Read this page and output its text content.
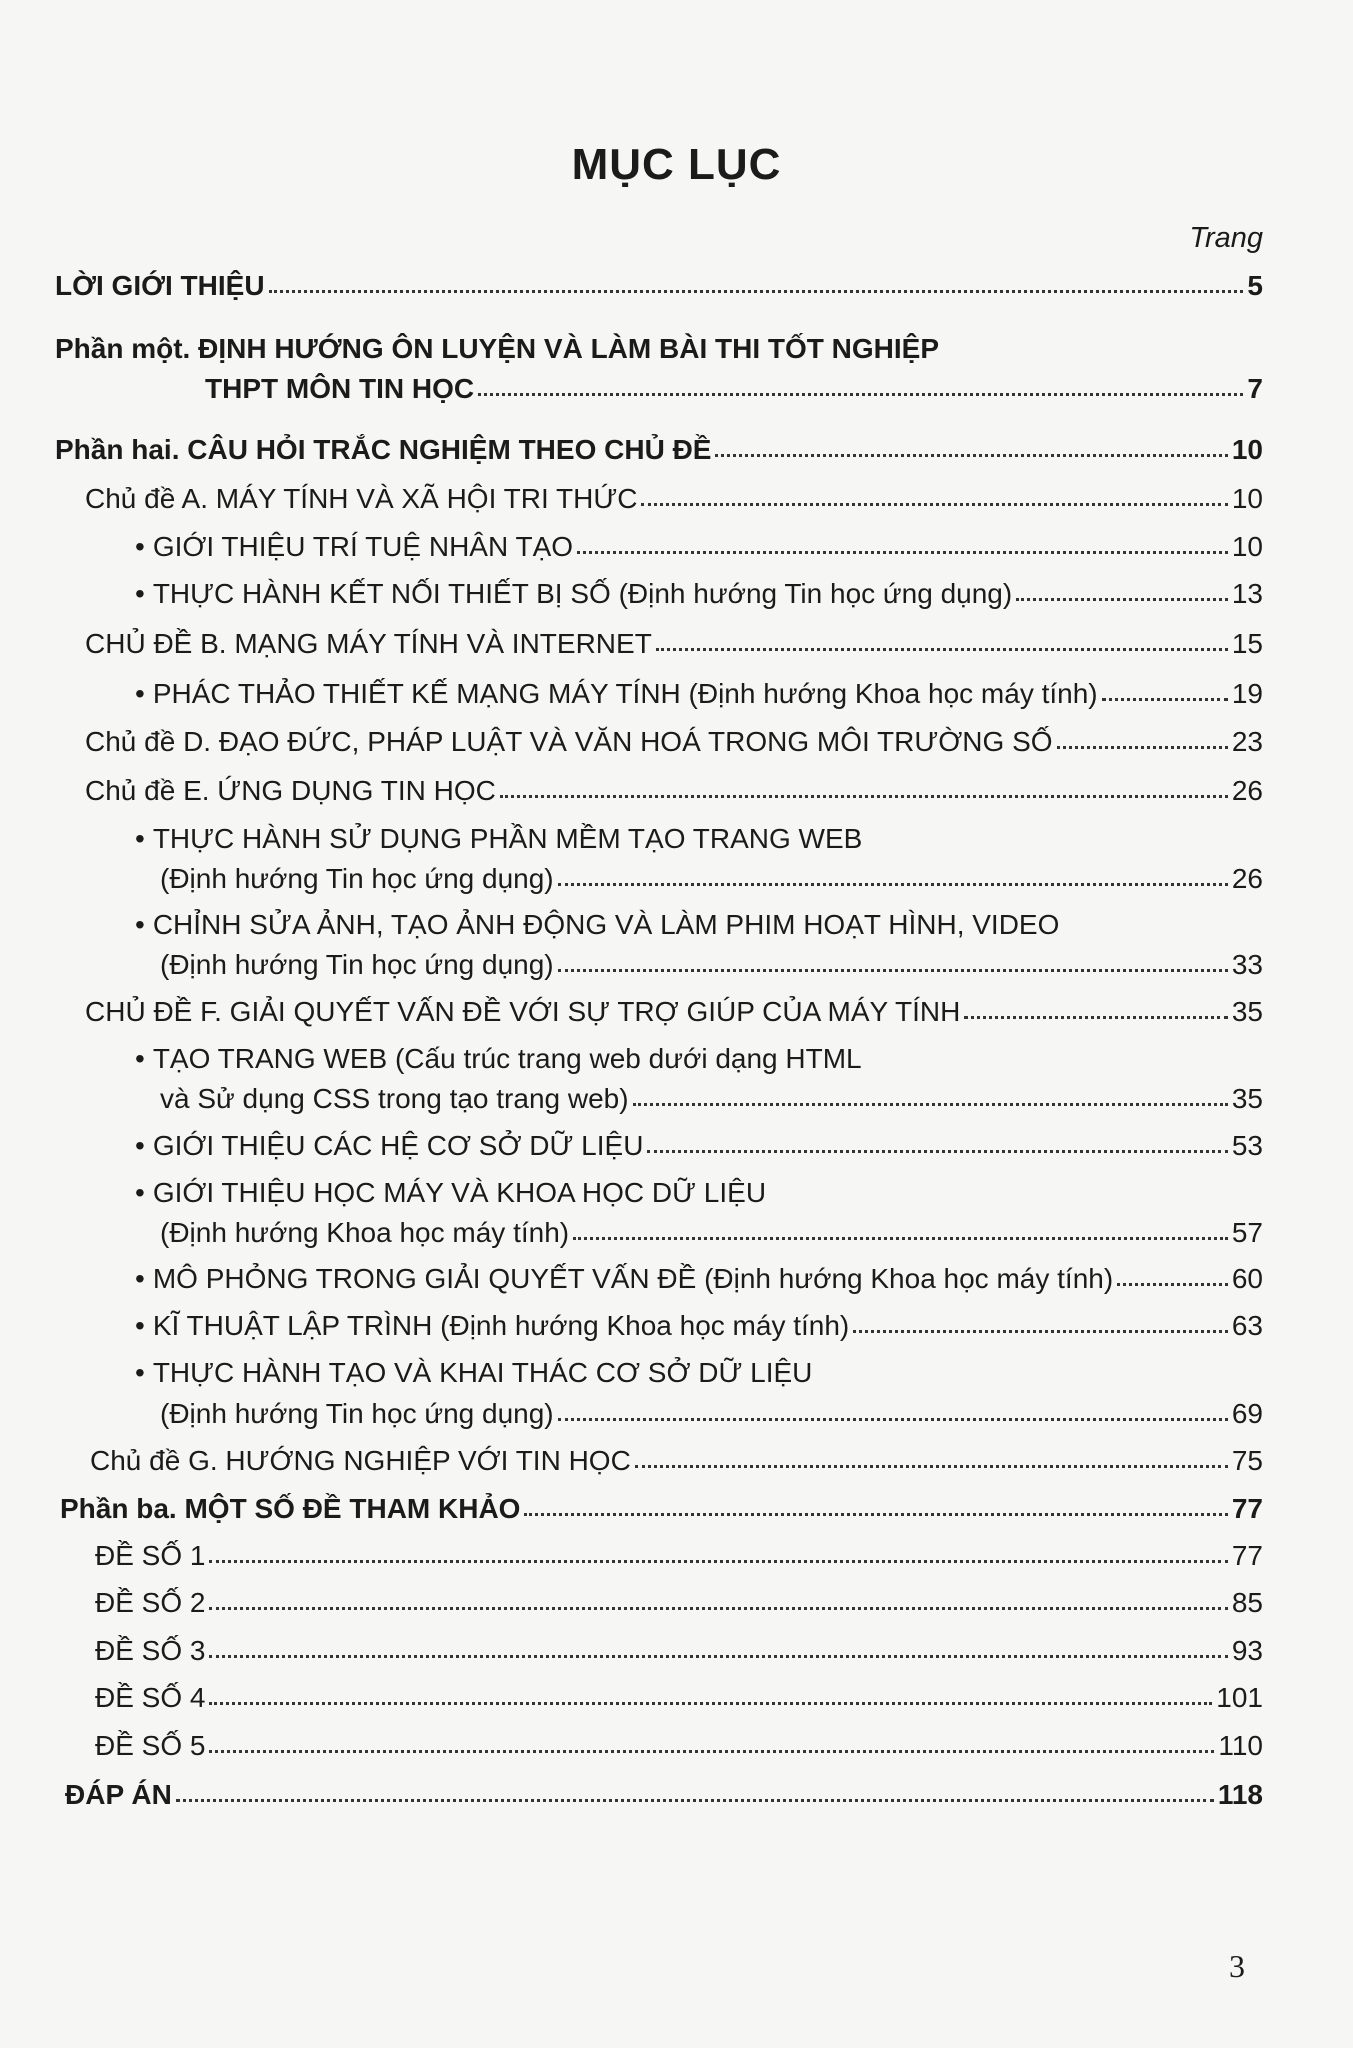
MỤC LỤC
Trang
LỜI GIỚI THIỆU	5
Phần một. ĐỊNH HƯỚNG ÔN LUYỆN VÀ LÀM BÀI THI TỐT NGHIỆP
THPT MÔN TIN HỌC	7
Phần hai. CÂU HỎI TRẮC NGHIỆM THEO CHỦ ĐỀ	10
Chủ đề A. MÁY TÍNH VÀ XÃ HỘI TRI THỨC	10
• GIỚI THIỆU TRÍ TUỆ NHÂN TẠO	10
• THỰC HÀNH KẾT NỐI THIẾT BỊ SỐ (Định hướng Tin học ứng dụng)	13
CHỦ ĐỀ B. MẠNG MÁY TÍNH VÀ INTERNET	15
• PHÁC THẢO THIẾT KẾ MẠNG MÁY TÍNH (Định hướng Khoa học máy tính)	19
Chủ đề D. ĐẠO ĐỨC, PHÁP LUẬT VÀ VĂN HOÁ TRONG MÔI TRƯỜNG SỐ	23
Chủ đề E. ỨNG DỤNG TIN HỌC	26
• THỰC HÀNH SỬ DỤNG PHẦN MỀM TẠO TRANG WEB
(Định hướng Tin học ứng dụng)	26
• CHỈNH SỬA ẢNH, TẠO ẢNH ĐỘNG VÀ LÀM PHIM HOẠT HÌNH, VIDEO
(Định hướng Tin học ứng dụng)	33
CHỦ ĐỀ F. GIẢI QUYẾT VẤN ĐỀ VỚI SỰ TRỢ GIÚP CỦA MÁY TÍNH	35
• TẠO TRANG WEB (Cấu trúc trang web dưới dạng HTML
và Sử dụng CSS trong tạo trang web)	35
• GIỚI THIỆU CÁC HỆ CƠ SỞ DỮ LIỆU	53
• GIỚI THIỆU HỌC MÁY VÀ KHOA HỌC DỮ LIỆU
(Định hướng Khoa học máy tính)	57
• MÔ PHỎNG TRONG GIẢI QUYẾT VẤN ĐỀ (Định hướng Khoa học máy tính)	60
• KĨ THUẬT LẬP TRÌNH (Định hướng Khoa học máy tính)	63
• THỰC HÀNH TẠO VÀ KHAI THÁC CƠ SỞ DỮ LIỆU
(Định hướng Tin học ứng dụng)	69
Chủ đề G. HƯỚNG NGHIỆP VỚI TIN HỌC	75
Phần ba. MỘT SỐ ĐỀ THAM KHẢO	77
ĐỀ SỐ 1	77
ĐỀ SỐ 2	85
ĐỀ SỐ 3	93
ĐỀ SỐ 4	101
ĐỀ SỐ 5	110
ĐÁP ÁN	118
3
